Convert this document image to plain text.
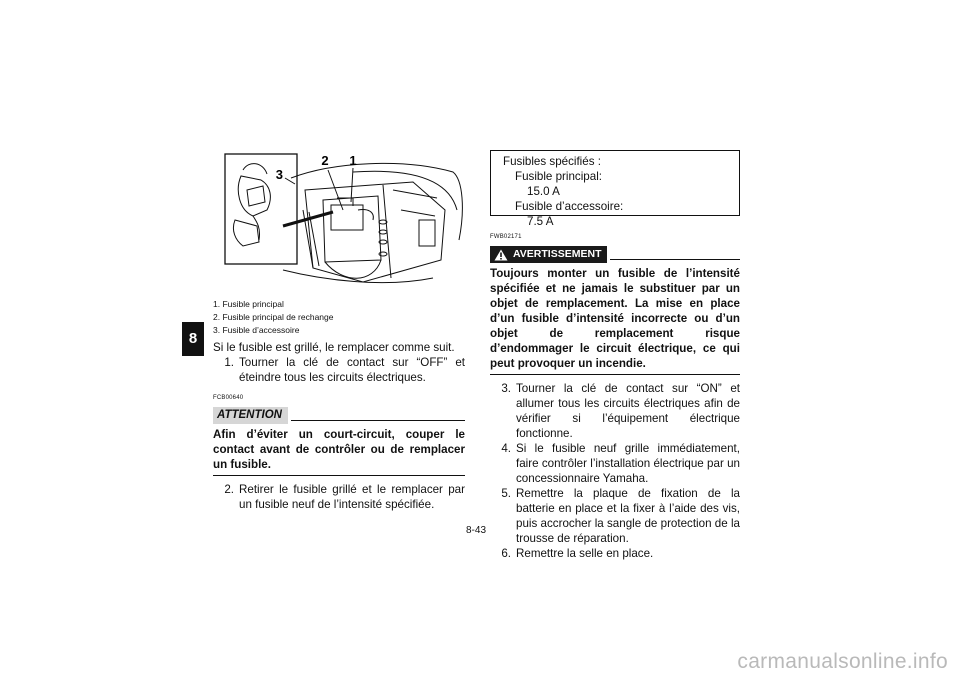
8
3
2 1
1. Fusible principal
2. Fusible principal de rechange
3. Fusible d’accessoire

Si le fusible est grillé, le remplacer comme suit.

1. Tourner la clé de contact sur “OFF” et éteindre tous les circuits électriques.
FCB00640
ATTENTION
Afin d’éviter un court-circuit, couper le contact avant de contrôler ou de remplacer un fusible.
2. Retirer le fusible grillé et le remplacer par un fusible neuf de l’intensité spécifiée.
Fusibles spécifiés :
Fusible principal:
15.0 A
Fusible d’accessoire:
7.5 A
FWB02171
AVERTISSEMENT
Toujours monter un fusible de l’intensité spécifiée et ne jamais le substituer par un objet de remplacement. La mise en place d’un fusible d’intensité incorrecte ou d’un objet de remplacement risque d’endommager le circuit électrique, ce qui peut provoquer un incendie.
3. Tourner la clé de contact sur “ON” et allumer tous les circuits électriques afin de vérifier si l’équipement électrique fonctionne.
4. Si le fusible neuf grille immédiatement, faire contrôler l’installation électrique par un concessionnaire Yamaha.
5. Remettre la plaque de fixation de la batterie en place et la fixer à l’aide des vis, puis accrocher la sangle de protection de la trousse de réparation.
6. Remettre la selle en place.
8-43
carmanualsonline.info
